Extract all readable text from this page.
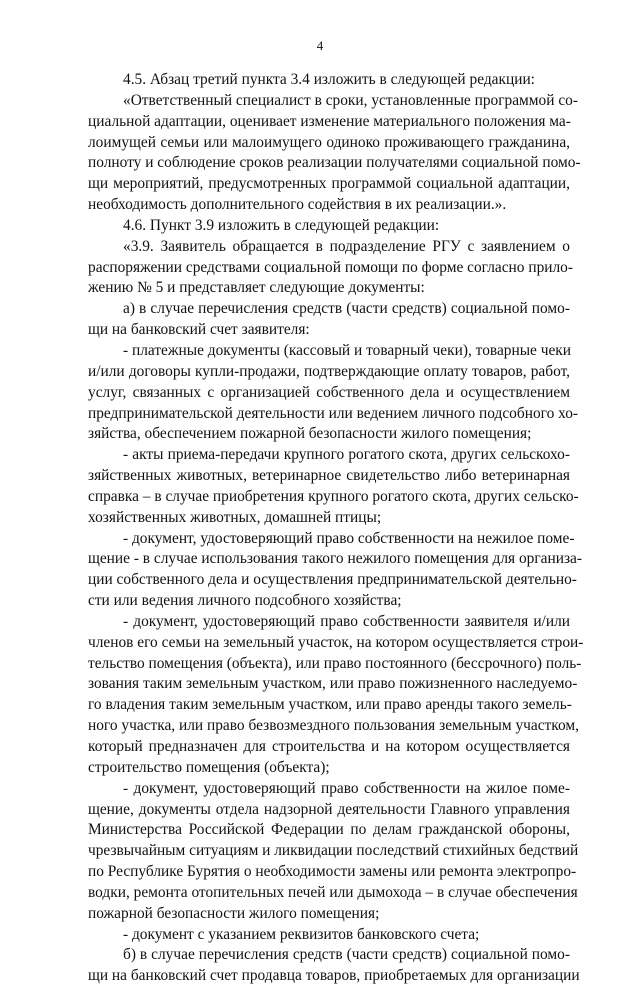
4
4.5. Абзац третий пункта 3.4 изложить в следующей редакции:
«Ответственный специалист в сроки, установленные программой со-
циальной адаптации, оценивает изменение материального положения ма-
лоимущей семьи или малоимущего одиноко проживающего гражданина,
полноту и соблюдение сроков реализации получателями социальной помо-
щи мероприятий, предусмотренных программой социальной адаптации,
необходимость дополнительного содействия в их реализации.».
4.6. Пункт 3.9 изложить в следующей редакции:
«3.9. Заявитель обращается в подразделение РГУ с заявлением о
распоряжении средствами социальной помощи по форме согласно прило-
жению № 5 и представляет следующие документы:
а) в случае перечисления средств (части средств) социальной помо-
щи на банковский счет заявителя:
- платежные документы (кассовый и товарный чеки), товарные чеки
и/или договоры купли-продажи, подтверждающие оплату товаров, работ,
услуг, связанных с организацией собственного дела и осуществлением
предпринимательской деятельности или ведением личного подсобного хо-
зяйства, обеспечением пожарной безопасности жилого помещения;
- акты приема-передачи крупного рогатого скота, других сельскохо-
зяйственных животных, ветеринарное свидетельство либо ветеринарная
справка – в случае приобретения крупного рогатого скота, других сельско-
хозяйственных животных, домашней птицы;
- документ, удостоверяющий право собственности на нежилое поме-
щение - в случае использования такого нежилого помещения для организа-
ции собственного дела и осуществления предпринимательской деятельно-
сти или ведения личного подсобного хозяйства;
- документ, удостоверяющий право собственности заявителя и/или
членов его семьи на земельный участок, на котором осуществляется строи-
тельство помещения (объекта), или право постоянного (бессрочного) поль-
зования таким земельным участком, или право пожизненного наследуемо-
го владения таким земельным участком, или право аренды такого земель-
ного участка, или право безвозмездного пользования земельным участком,
который предназначен для строительства и на котором осуществляется
строительство помещения (объекта);
- документ, удостоверяющий право собственности на жилое поме-
щение, документы отдела надзорной деятельности Главного управления
Министерства Российской Федерации по делам гражданской обороны,
чрезвычайным ситуациям и ликвидации последствий стихийных бедствий
по Республике Бурятия о необходимости замены или ремонта электропро-
водки, ремонта отопительных печей или дымохода – в случае обеспечения
пожарной безопасности жилого помещения;
- документ с указанием реквизитов банковского счета;
б) в случае перечисления средств (части средств) социальной помо-
щи на банковский счет продавца товаров, приобретаемых для организации
